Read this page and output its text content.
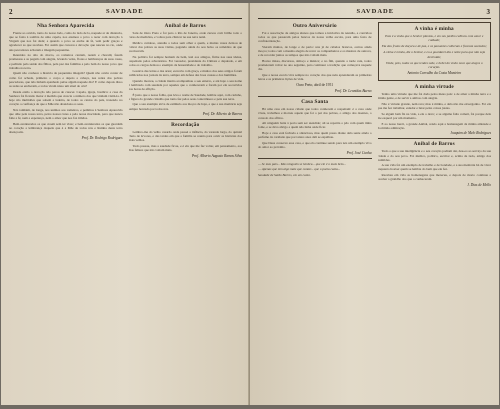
2	SAVDADE
Nha Senhora Aparecida

Frente ao ouvido, tanto do nosso lado, como do lado de la, naquele ar de distancia, que se fazia à sombra de uma capela, nos ensinou o povo a rezar com devoção à Virgem que nos foi dada; e quando o povo se enche de fé, vem pedir graças e agradecer as que recebeu. Foi assim que cresceu a devoção que nasceu no rio, onde uns pescadores acharam a imagem pequenina.

Reunidos no alto do morro, os romeiros cantam, rezam e choram; fazem promessas e as pagam com alegria, levando velas, flores e lembranças de suas casas, e pedindo pela saúde dos filhos, pela paz das famílias e pelo bem do nosso povo que trabalha na terra.

Quem não conhece a história da pequenina imagem? Quem não ouviu contar de como foi achada, primeiro o corpo e depois a cabeça, nas redes dos pobres pescadores, que não tinham apanhado peixe algum naquele dia? E como depois disso as redes se encheram, e todos viram nisso um sinal do céu?

Desde então a devoção não parou de crescer. Capela, igreja, basílica: a casa da Senhora foi ficando maior à medida que crescia o número dos que vinham visitá-la. E hoje são multidões que sobem a ladeira, de todos os cantos do país, trazendo no coração a confiança de que a Mãe não abandona os seus.

Nós também, de longe, nos unimos aos romeiros, e pedimos à Senhora Aparecida que olhe pela nossa terra, pelos nossos lares e pela nossa mocidade, para que nunca falte a fé, nem a esperança, nem o amor que nos faz irmãos.

Bem-aventurados os que creem sem ter visto; e bem-aventurados os que guardam no coração a lembrança daquela que é a Mãe de todos nós e Rainha desta terra abençoada.

Prof. Dr. Rodrigo Rodrigues
Anibal de Barros

Saiu de Ouro Preto e foi para o Rio de Janeiro, onde cursou com brilho todo o curso de medicina, e voltou para clinicar na sua terra natal.

Médico caridoso, atendia a todos sem olhar a quem, e muitas vezes deixou de cobrar dos pobres as suas visitas, pagando ainda do seu bolso os remédios de que precisavam.

Na política foi sempre homem de bem, leal aos amigos, firme nas suas ideias, respeitado pelos adversários. Foi vereador, presidente da Câmara e deputado, e em todos os cargos deixou o exemplo da honestidade e do trabalho.

Gostava das letras e das artes; escrevia com graça, e muitos dos seus artigos foram publicados nos jornais da terra, sempre em defesa das boas causas e dos humildes.

Quando morreu, a cidade inteira acompanhou o seu enterro, e até hoje o seu nome é lembrado com saudade por aqueles que o conheceram e foram por ele socorridos nas horas de aflição.

É justo que a nossa folha, que leva o nome de Saudade, lembre aqui, com carinho, a figura do grande cidadão que tanto fez pelos seus conterrâneos e pela sua terra.

Que o seu exemplo sirva de estímulo aos moços de hoje, e que a sua memória seja sempre honrada por todos nós.

Prof. Dr. Alberto de Barros
Recordação

Lembro-me do velho casarão onde passei a infância, da varanda larga, do quintal cheio de árvores, e das tardes em que a família se reunia para ouvir as histórias dos mais velhos.

Tudo passou, mas a saudade ficou, e é ela que me faz voltar, em pensamento, aos dias felizes que não voltam mais.

Prof. Alberto Augusto Ramos Silva
SAVDADE	3
Outro Aniversário

Foi a associação de antigos alunos que tomou a iniciativa da reunião, e convidou todos os que passaram pelos bancos da nossa velha escola, para uma festa de confraternização.

Vieram muitos, de longe e de perto: uns já de cabelos brancos, outros ainda moços; todos com a mesma alegria de rever os companheiros e os mestres de outrora, e de recordar juntos os tempos que não voltam mais.

Houve missa, discursos, almoço e música; e no fim, quando a tarde caía, todos prometeram voltar no ano seguinte, para continuar a tradição que começava naquele dia.

Que a nossa escola viva sempre no coração dos que nela aprenderam as primeiras letras e as primeiras lições de vida.

Ouro Preto, abril de 1951
Prof. Dr. Leonidas Bueno
Casa Santa

Há uma casa em nossa cidade que todos conhecem e respeitam: é a casa onde viveu, trabalhou e morreu aquele que foi o pai dos pobres, o amigo dos doentes, o consolo dos aflitos.

Ali ninguém batia à porta sem ser atendido; ali se repartia o pão com quem tinha fome, e se dava abrigo a quem não tinha onde ficar.

Hoje a casa está fechada e silenciosa, mas quem passa diante dela sente ainda o perfume da caridade que por tantos anos dali se espalhou.

Que Deus conserve essa casa, e que ela continue sendo para nós um exemplo vivo do amor ao próximo.

Prof. José Cunha

— Se meu país... Mas ninguém se lembra... que ele é o mais belo...

— Apenas que tem algo mais que cantar... que o poeta canta...

Saudade de Saldo Barros, em um canto.

A vinha é minha

Esta é a vinha que o Senhor plantou, e em seu jardim cultivou com amor e cuidado;

Ela deu frutos de doçura e de paz, e os passantes colheram e ficaram saciados;

A vinha é minha, diz o Senhor, e eu a guardarei dia e noite para que não seja destruída;

Vinde, pois, todos os que tendes sede, e bebei do vinho novo que alegra o coração.

Antonio Carvalho da Costa Monteiro
A minha virtude

Tenho uma virtude que me foi dada pelos meus pais: a de amar a minha terra e a minha gente, e de servir a ambos com alegria.

Não é virtude grande, nem rara; mas é minha, e dela não me envergonho. Foi ela que me fez trabalhar, estudar e lutar pelas coisas justas.

Se algum bem fiz na vida, a ela o devo; e se alguma falta cometi, foi porque dela me esqueci por um momento.

E ao nosso herói, o grande Aníbal, rendo aqui a homenagem da minha amizade e da minha admiração.

Joaquim de Melo Rodrigues
Anibal de Barros

Tudo o que a sua inteligência e o seu coração podiam dar, deu-os ao serviço da sua cidade e do seu povo. Foi médico, político, escritor e, acima de tudo, amigo dos humildes.

A sua vida foi um exemplo de trabalho e de bondade, e a sua memória há de viver enquanto houver quem se lembre do bem que ele fez.

Recebeu em vida as homenagens que mereceu, e depois de morto continua a receber a gratidão dos que o conheceram.

J. Dias de Mello
